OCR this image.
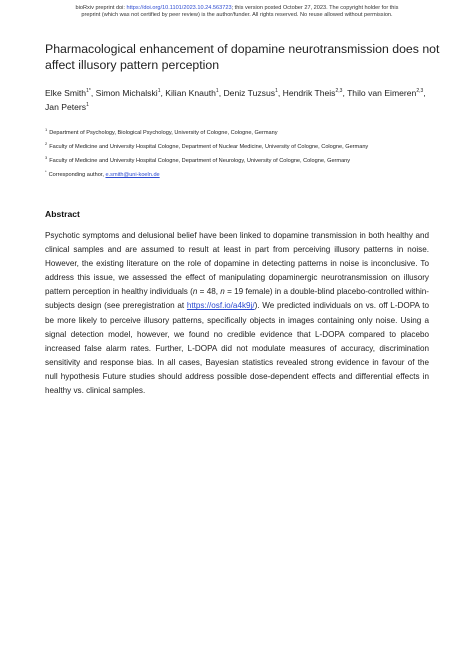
bioRxiv preprint doi: https://doi.org/10.1101/2023.10.24.563723; this version posted October 27, 2023. The copyright holder for this
preprint (which was not certified by peer review) is the author/funder. All rights reserved. No reuse allowed without permission.
Pharmacological enhancement of dopamine neurotransmission does not affect illusory pattern perception
Elke Smith$^{1*}$, Simon Michalski$^1$, Kilian Knauth$^1$, Deniz Tuzsus$^1$, Hendrik Theis$^{2,3}$, Thilo van Eimeren$^{2,3}$, Jan Peters$^1$
$^1$Department of Psychology, Biological Psychology, University of Cologne, Cologne, Germany
$^2$Faculty of Medicine and University Hospital Cologne, Department of Nuclear Medicine, University of Cologne, Cologne, Germany
$^3$Faculty of Medicine and University Hospital Cologne, Department of Neurology, University of Cologne, Cologne, Germany
*Corresponding author, e.smith@uni-koeln.de
Abstract
Psychotic symptoms and delusional belief have been linked to dopamine transmission in both healthy and clinical samples and are assumed to result at least in part from perceiving illusory patterns in noise. However, the existing literature on the role of dopamine in detecting patterns in noise is inconclusive. To address this issue, we assessed the effect of manipulating dopaminergic neurotransmission on illusory pattern perception in healthy individuals (n = 48, n = 19 female) in a double-blind placebo-controlled within-subjects design (see preregistration at https://osf.io/a4k9j/). We predicted individuals on vs. off L-DOPA to be more likely to perceive illusory patterns, specifically objects in images containing only noise. Using a signal detection model, however, we found no credible evidence that L-DOPA compared to placebo increased false alarm rates. Further, L-DOPA did not modulate measures of accuracy, discrimination sensitivity and response bias. In all cases, Bayesian statistics revealed strong evidence in favour of the null hypothesis Future studies should address possible dose-dependent effects and differential effects in healthy vs. clinical samples.
